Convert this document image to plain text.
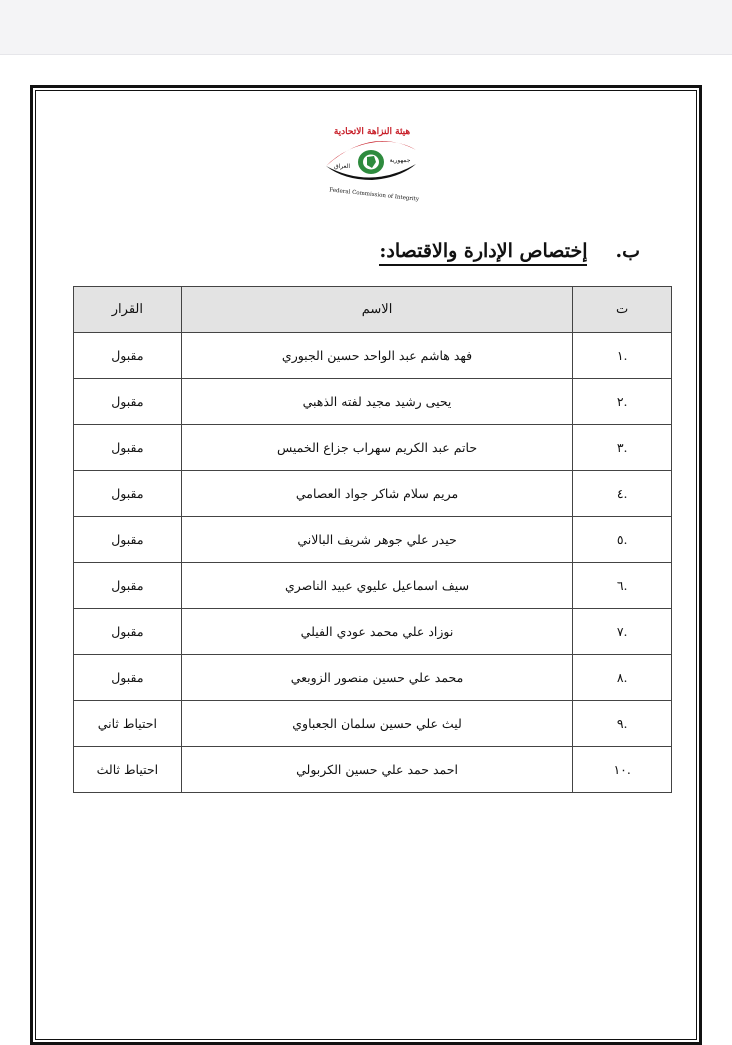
هيئة النزاهة الاتحادية
جمهورية
العراق
Federal Commission of Integrity
ب.إختصاص الإدارة والاقتصاد:
ت	الاسم	القرار
.١	فهد هاشم عبد الواحد حسين الجبوري	مقبول
.٢	يحيى رشيد مجيد لفته الذهبي	مقبول
.٣	حاتم عبد الكريم سهراب جزاع الخميس	مقبول
.٤	مريم سلام شاكر جواد العصامي	مقبول
.٥	حيدر علي جوهر شريف البالاني	مقبول
.٦	سيف اسماعيل عليوي عبيد الناصري	مقبول
.٧	نوزاد علي محمد عودي الفيلي	مقبول
.٨	محمد علي حسين منصور الزوبعي	مقبول
.٩	ليث علي حسين سلمان الجعباوي	احتياط ثاني
.١٠	احمد حمد علي حسين الكربولي	احتياط ثالث
